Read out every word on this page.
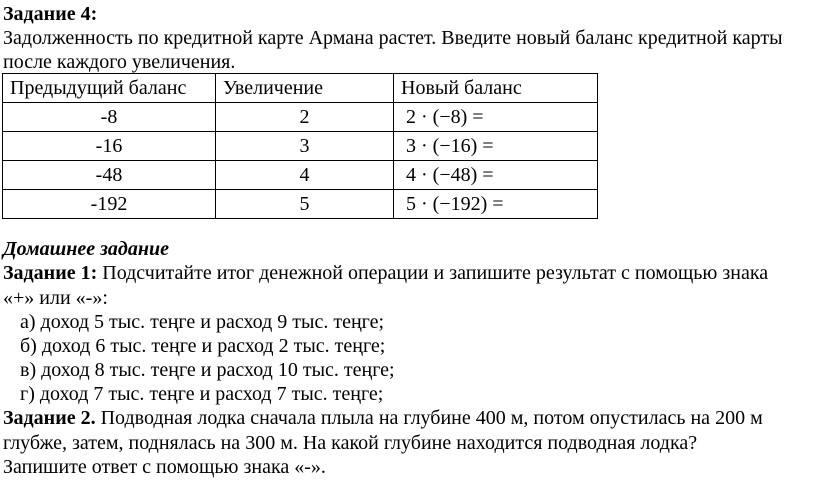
Задание 4:
Задолженность по кредитной карте Армана растет. Введите новый баланс кредитной карты
после каждого увеличения.
Предыдущий баланс	Увеличение	Новый баланс
-8	2	2 · (−8) =
-16	3	3 · (−16) =
-48	4	4 · (−48) =
-192	5	5 · (−192) =
Домашнее задание
Задание 1: Подсчитайте итог денежной операции и запишите результат с помощью знака
«+» или «-»:
а) доход 5 тыс. теңге и расход 9 тыс. теңге;
б) доход 6 тыс. теңге и расход 2 тыс. теңге;
в) доход 8 тыс. теңге и расход 10 тыс. теңге;
г) доход 7 тыс. теңге и расход 7 тыс. теңге;
Задание 2. Подводная лодка сначала плыла на глубине 400 м, потом опустилась на 200 м
глубже, затем, поднялась на 300 м. На какой глубине находится подводная лодка?
Запишите ответ с помощью знака «-».
